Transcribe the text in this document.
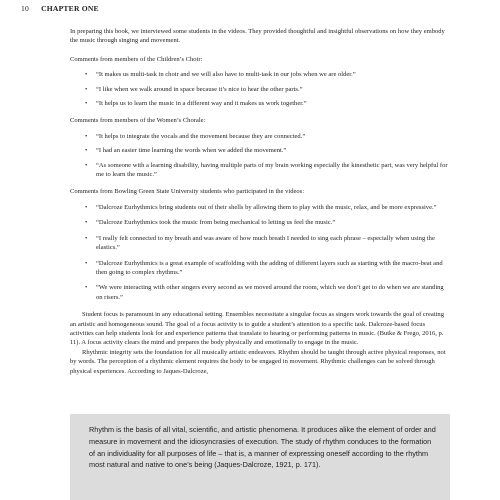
10 CHAPTER ONE

In preparing this book, we interviewed some students in the videos. They provided thoughtful and insightful observations on how they embody the music through singing and movement.

Comments from members of the Children’s Choir:

• “It makes us multi-task in choir and we will also have to multi-task in our jobs when we are older.”
• “I like when we walk around in space because it’s nice to hear the other parts.”
• “It helps us to learn the music in a different way and it makes us work together.”

Comments from members of the Women’s Chorale:

• “It helps to integrate the vocals and the movement because they are connected.”
• “I had an easier time learning the words when we added the movement.”
• “As someone with a learning disability, having multiple parts of my brain working especially the kinesthetic part, was very helpful for me to learn the music.”

Comments from Bowling Green State University students who participated in the videos:

• “Dalcroze Eurhythmics bring students out of their shells by allowing them to play with the music, relax, and be more expressive.”
• “Dalcroze Eurhythmics took the music from being mechanical to letting us feel the music.”
• “I really felt connected to my breath and was aware of how much breath I needed to sing each phrase – especially when using the elastics.”
• “Dalcroze Eurhythmics is a great example of scaffolding with the adding of different layers such as starting with the macro-beat and then going to complex rhythms.”
• “We were interacting with other singers every second as we moved around the room, which we don’t get to do when we are standing on risers.”

Student focus is paramount in any educational setting. Ensembles necessitate a singular focus as singers work towards the goal of creating an artistic and homogeneous sound. The goal of a focus activity is to guide a student’s attention to a specific task. Dalcroze-based focus activities can help students look for and experience patterns that translate to hearing or performing patterns in music. (Butke & Frego, 2016, p. 11). A focus activity clears the mind and prepares the body physically and emotionally to engage in the music.

Rhythmic integrity sets the foundation for all musically artistic endeavors. Rhythm should be taught through active physical responses, not by words. The perception of a rhythmic element requires the body to be engaged in movement. Rhythmic challenges can be solved through physical experiences. According to Jaques-Dalcroze,

Rhythm is the basis of all vital, scientific, and artistic phenomena. It produces alike the element of order and measure in movement and the idiosyncrasies of execution. The study of rhythm conduces to the formation of an individuality for all purposes of life – that is, a manner of expressing oneself according to the rhythm most natural and native to one’s being (Jaques-Dalcroze, 1921, p. 171).
